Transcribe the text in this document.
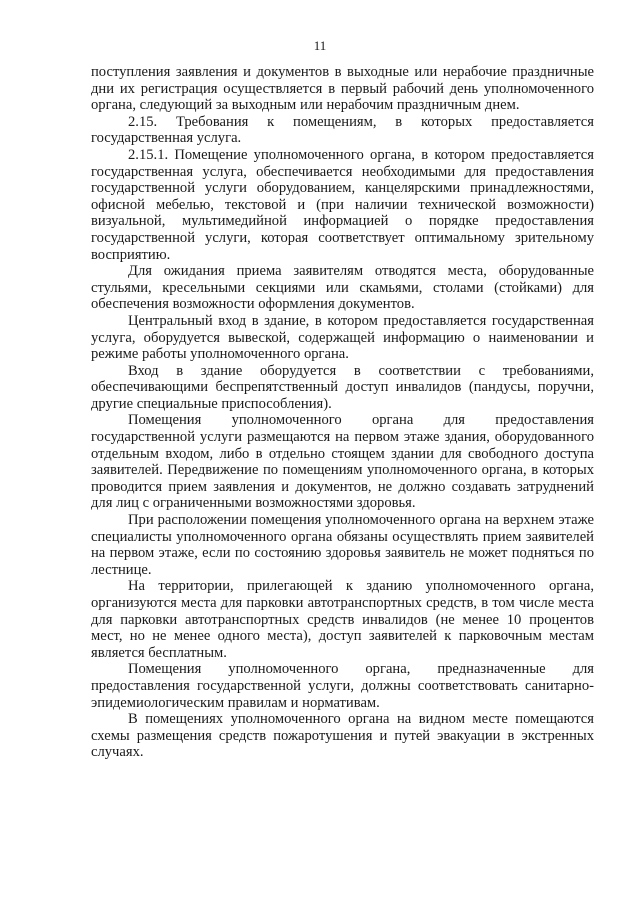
11

поступления заявления и документов в выходные или нерабочие праздничные дни их регистрация осуществляется в первый рабочий день уполномоченного органа, следующий за выходным или нерабочим праздничным днем.

2.15. Требования к помещениям, в которых предоставляется государственная услуга.

2.15.1. Помещение уполномоченного органа, в котором предоставляется государственная услуга, обеспечивается необходимыми для предоставления государственной услуги оборудованием, канцелярскими принадлежностями, офисной мебелью, текстовой и (при наличии технической возможности) визуальной, мультимедийной информацией о порядке предоставления государственной услуги, которая соответствует оптимальному зрительному восприятию.

Для ожидания приема заявителям отводятся места, оборудованные стульями, кресельными секциями или скамьями, столами (стойками) для обеспечения возможности оформления документов.

Центральный вход в здание, в котором предоставляется государственная услуга, оборудуется вывеской, содержащей информацию о наименовании и режиме работы уполномоченного органа.

Вход в здание оборудуется в соответствии с требованиями, обеспечивающими беспрепятственный доступ инвалидов (пандусы, поручни, другие специальные приспособления).

Помещения уполномоченного органа для предоставления государственной услуги размещаются на первом этаже здания, оборудованного отдельным входом, либо в отдельно стоящем здании для свободного доступа заявителей. Передвижение по помещениям уполномоченного органа, в которых проводится прием заявления и документов, не должно создавать затруднений для лиц с ограниченными возможностями здоровья.

При расположении помещения уполномоченного органа на верхнем этаже специалисты уполномоченного органа обязаны осуществлять прием заявителей на первом этаже, если по состоянию здоровья заявитель не может подняться по лестнице.

На территории, прилегающей к зданию уполномоченного органа, организуются места для парковки автотранспортных средств, в том числе места для парковки автотранспортных средств инвалидов (не менее 10 процентов мест, но не менее одного места), доступ заявителей к парковочным местам является бесплатным.

Помещения уполномоченного органа, предназначенные для предоставления государственной услуги, должны соответствовать санитарно-эпидемиологическим правилам и нормативам.

В помещениях уполномоченного органа на видном месте помещаются схемы размещения средств пожаротушения и путей эвакуации в экстренных случаях.
